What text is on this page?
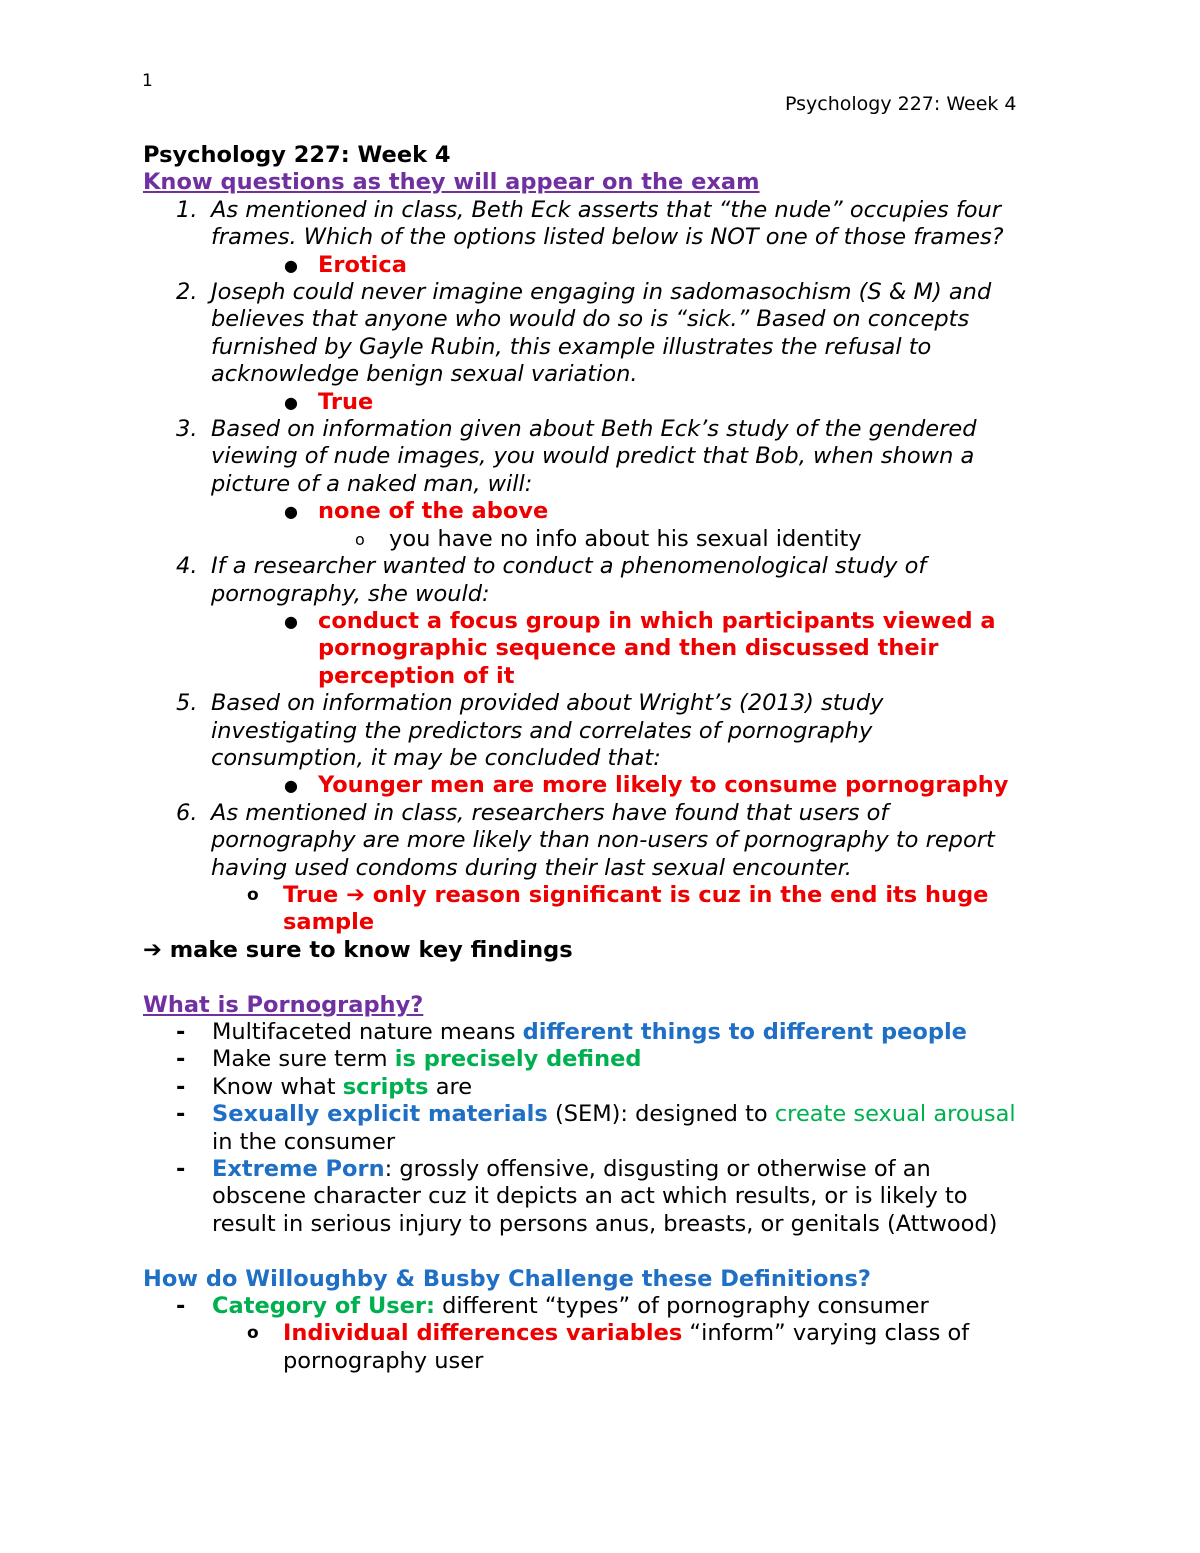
1
Psychology 227: Week 4
Psychology 227: Week 4
Know questions as they will appear on the exam
1. As mentioned in class, Beth Eck asserts that “the nude” occupies four
frames. Which of the options listed below is NOT one of those frames?
● Erotica
2. Joseph could never imagine engaging in sadomasochism (S & M) and
believes that anyone who would do so is “sick.” Based on concepts
furnished by Gayle Rubin, this example illustrates the refusal to
acknowledge benign sexual variation.
● True
3. Based on information given about Beth Eck’s study of the gendered
viewing of nude images, you would predict that Bob, when shown a
picture of a naked man, will:
● none of the above
o you have no info about his sexual identity
4. If a researcher wanted to conduct a phenomenological study of
pornography, she would:
● conduct a focus group in which participants viewed a
pornographic sequence and then discussed their
perception of it
5. Based on information provided about Wright’s (2013) study
investigating the predictors and correlates of pornography
consumption, it may be concluded that:
● Younger men are more likely to consume pornography
6. As mentioned in class, researchers have found that users of
pornography are more likely than non-users of pornography to report
having used condoms during their last sexual encounter.
o True ➔ only reason significant is cuz in the end its huge
sample
➔ make sure to know key findings
What is Pornography?
- Multifaceted nature means different things to different people
- Make sure term is precisely defined
- Know what scripts are
- Sexually explicit materials (SEM): designed to create sexual arousal
in the consumer
- Extreme Porn: grossly offensive, disgusting or otherwise of an
obscene character cuz it depicts an act which results, or is likely to
result in serious injury to persons anus, breasts, or genitals (Attwood)
How do Willoughby & Busby Challenge these Definitions?
- Category of User: different “types” of pornography consumer
o Individual differences variables “inform” varying class of
pornography user
